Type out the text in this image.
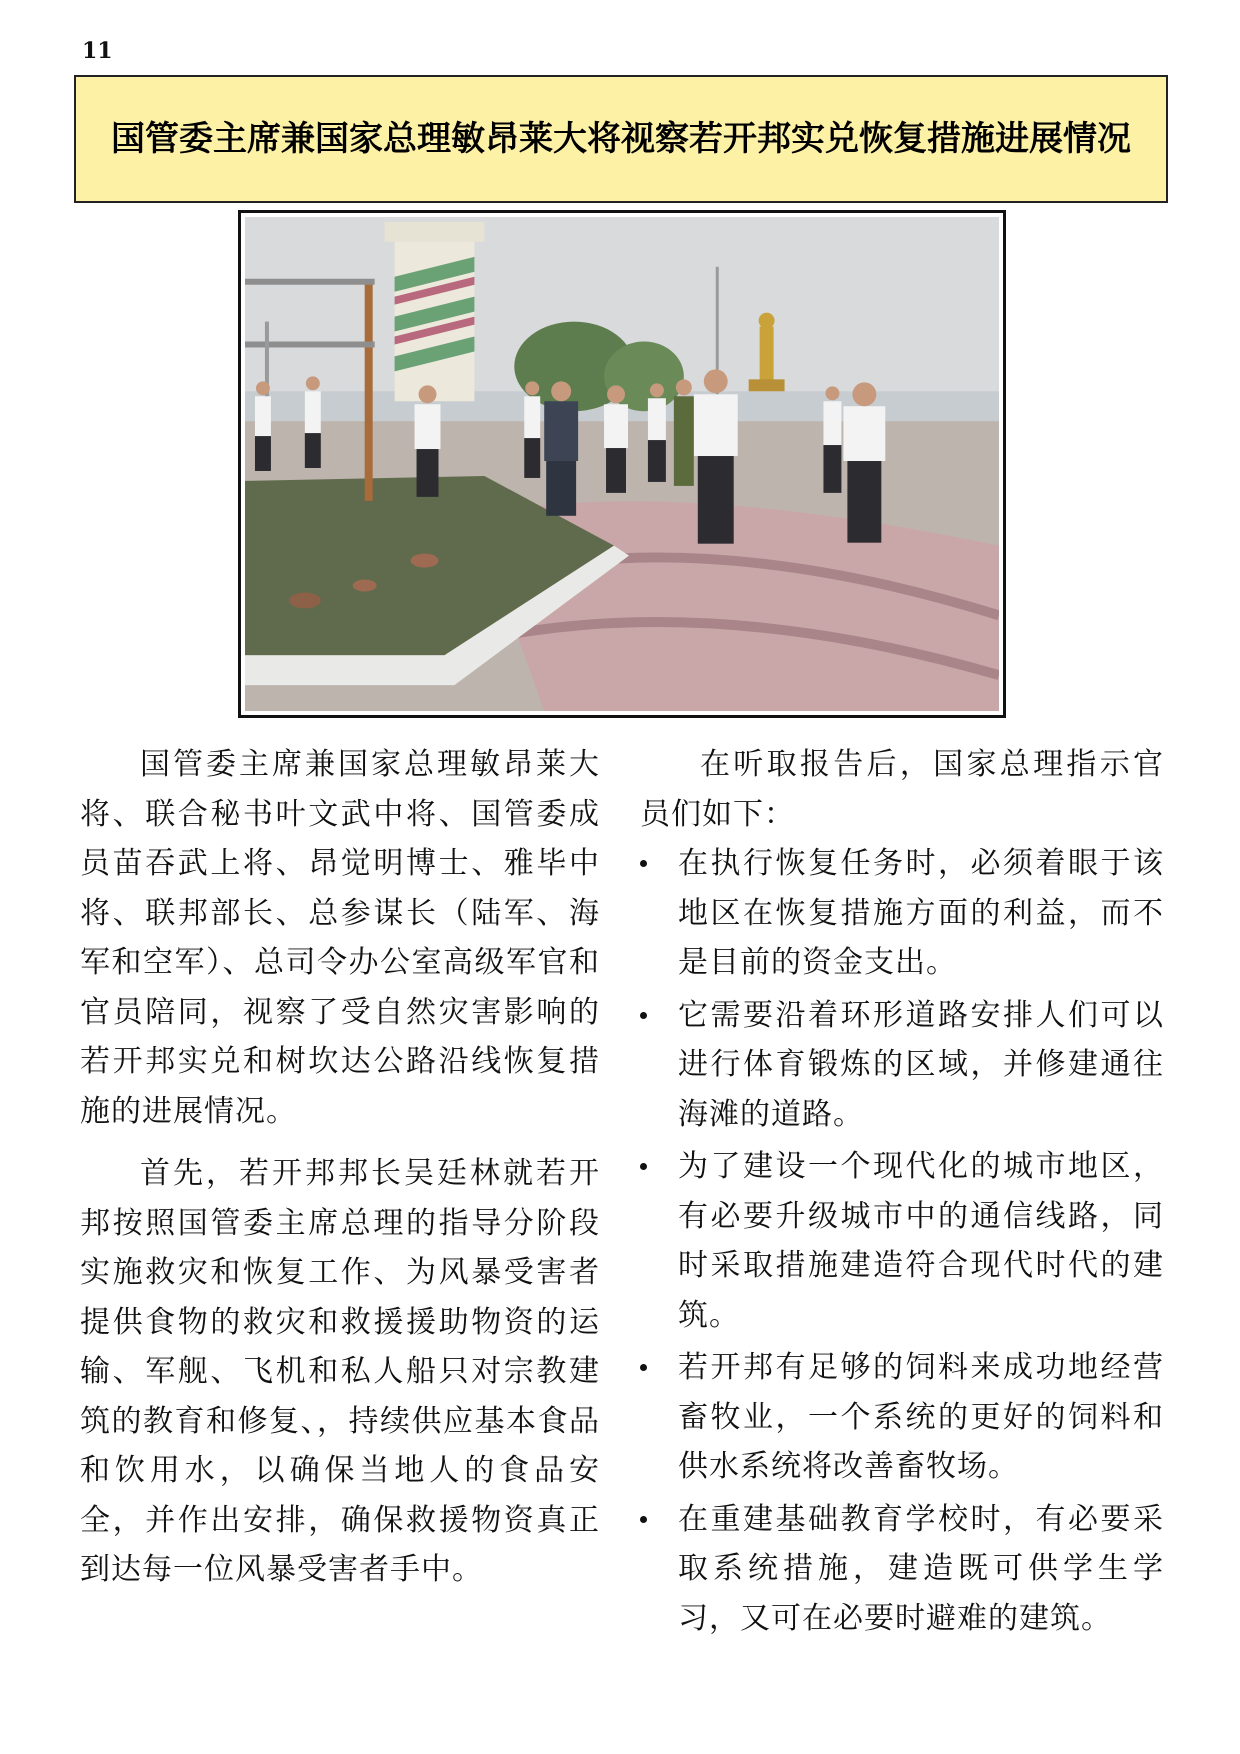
11
国管委主席兼国家总理敏昂莱大将视察若开邦实兑恢复措施进展情况

国管委主席兼国家总理敏昂莱大将、联合秘书叶文武中将、国管委成员苗吞武上将、昂觉明博士、雅毕中将、联邦部长、总参谋长（陆军、海军和空军）、总司令办公室高级军官和官员陪同，视察了受自然灾害影响的若开邦实兑和树坎达公路沿线恢复措施的进展情况。

首先，若开邦邦长吴廷林就若开邦按照国管委主席总理的指导分阶段实施救灾和恢复工作、为风暴受害者提供食物的救灾和救援援助物资的运输、军舰、飞机和私人船只对宗教建筑的教育和修复、，持续供应基本食品和饮用水，以确保当地人的食品安全，并作出安排，确保救援物资真正到达每一位风暴受害者手中。

在听取报告后，国家总理指示官员们如下：

在执行恢复任务时，必须着眼于该地区在恢复措施方面的利益，而不是目前的资金支出。
它需要沿着环形道路安排人们可以进行体育锻炼的区域，并修建通往海滩的道路。
为了建设一个现代化的城市地区，有必要升级城市中的通信线路，同时采取措施建造符合现代时代的建筑。
若开邦有足够的饲料来成功地经营畜牧业，一个系统的更好的饲料和供水系统将改善畜牧场。
在重建基础教育学校时，有必要采取系统措施，建造既可供学生学习，又可在必要时避难的建筑。
